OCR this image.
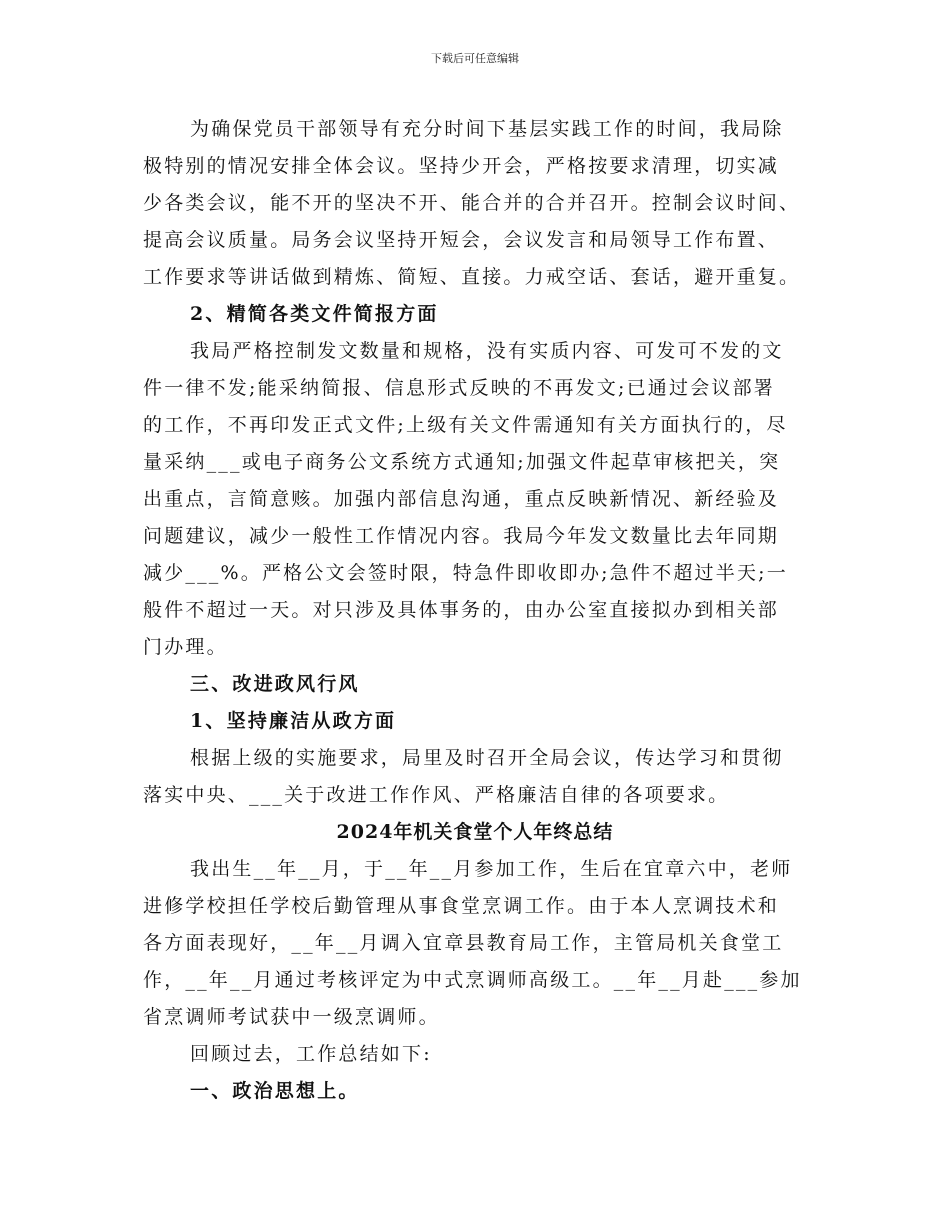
下载后可任意编辑
为确保党员干部领导有充分时间下基层实践工作的时间，我局除
极特别的情况安排全体会议。坚持少开会，严格按要求清理，切实减
少各类会议，能不开的坚决不开、能合并的合并召开。控制会议时间、
提高会议质量。局务会议坚持开短会，会议发言和局领导工作布置、
工作要求等讲话做到精炼、简短、直接。力戒空话、套话，避开重复。
2、精简各类文件简报方面
我局严格控制发文数量和规格，没有实质内容、可发可不发的文
件一律不发;能采纳简报、信息形式反映的不再发文;已通过会议部署
的工作，不再印发正式文件;上级有关文件需通知有关方面执行的，尽
量采纳___或电子商务公文系统方式通知;加强文件起草审核把关，突
出重点，言简意赅。加强内部信息沟通，重点反映新情况、新经验及
问题建议，减少一般性工作情况内容。我局今年发文数量比去年同期
减少___%。严格公文会签时限，特急件即收即办;急件不超过半天;一
般件不超过一天。对只涉及具体事务的，由办公室直接拟办到相关部
门办理。
三、改进政风行风
1、坚持廉洁从政方面
根据上级的实施要求，局里及时召开全局会议，传达学习和贯彻
落实中央、___关于改进工作作风、严格廉洁自律的各项要求。
2024年机关食堂个人年终总结
我出生__年__月，于__年__月参加工作，生后在宜章六中，老师
进修学校担任学校后勤管理从事食堂烹调工作。由于本人烹调技术和
各方面表现好，__年__月调入宜章县教育局工作，主管局机关食堂工
作，__年__月通过考核评定为中式烹调师高级工。__年__月赴___参加
省烹调师考试获中一级烹调师。
回顾过去，工作总结如下:
一、政治思想上。
